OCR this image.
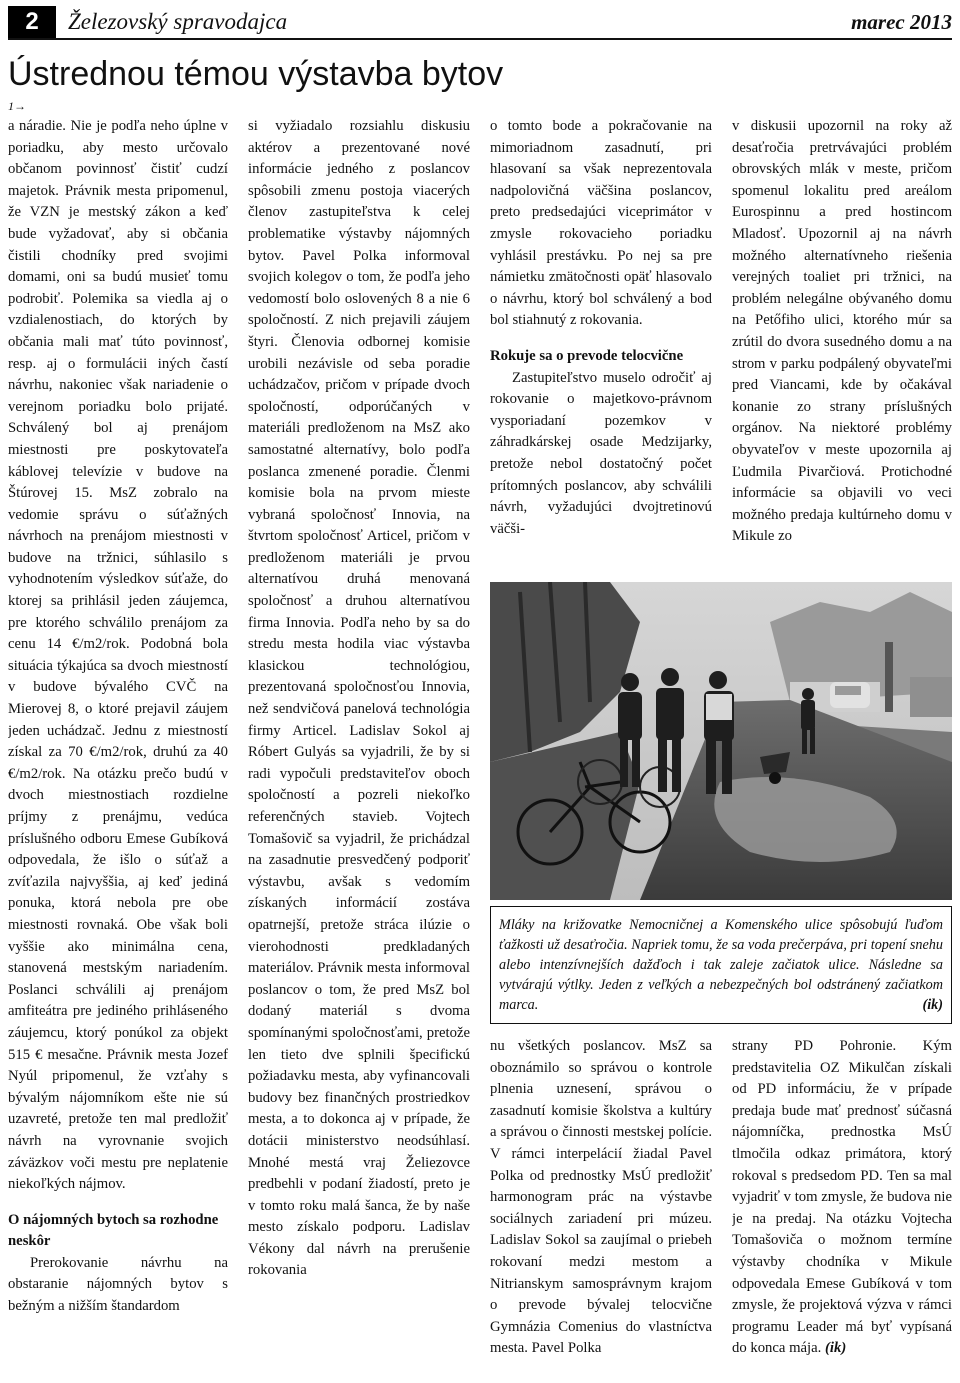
2	Železovský spravodajca	marec 2013
Ústrednou témou výstavba bytov
1→

a náradie. Nie je podľa neho úplne v poriadku, aby mesto určovalo občanom povinnosť čistiť cudzí majetok. Právnik mesta pripomenul, že VZN je mestský zákon a keď bude vyžadovať, aby si občania čistili chodníky pred svojimi domami, oni sa budú musieť tomu podrobiť. Polemika sa viedla aj o vzdialenostiach, do ktorých by občania mali mať túto povinnosť, resp. aj o formulácii iných častí návrhu, nakoniec však nariadenie o verejnom poriadku bolo prijaté. Schválený bol aj prenájom miestnosti pre poskytovateľa káblovej televízie v budove na Štúrovej 15. MsZ zobralo na vedomie správu o súťažných návrhoch na prenájom miestnosti v budove na tržnici, súhlasilo s vyhodnotením výsledkov súťaže, do ktorej sa prihlásil jeden záujemca, pre ktorého schválilo prenájom za cenu 14 €/m2/rok. Podobná bola situácia týkajúca sa dvoch miestností v budove bývalého CVČ na Mierovej 8, o ktoré prejavil záujem jeden uchádzač. Jednu z miestností získal za 70 €/m2/rok, druhú za 40 €/m2/rok. Na otázku prečo budú v dvoch miestnostiach rozdielne príjmy z prenájmu, vedúca príslušného odboru Emese Gubíková odpovedala, že išlo o súťaž a zvíťazila najvyššia, aj keď jediná ponuka, ktorá nebola pre obe miestnosti rovnaká. Obe však boli vyššie ako minimálna cena, stanovená mestským nariadením. Poslanci schválili aj prenájom amfiteátra pre jediného prihláseného záujemcu, ktorý ponúkol za objekt 515 € mesačne. Právnik mesta Jozef Nyúl pripomenul, že vzťahy s bývalým nájomníkom ešte nie sú uzavreté, pretože ten mal predložiť návrh na vyrovnanie svojich záväzkov voči mestu pre neplatenie niekoľkých nájmov.

O nájomných bytoch sa rozhodne neskôr

Prerokovanie návrhu na obstaranie nájomných bytov s bežným a nižším štandardom

si vyžiadalo rozsiahlu diskusiu aktérov a prezentované nové informácie jedného z poslancov spôsobili zmenu postoja viacerých členov zastupiteľstva k celej problematike výstavby nájomných bytov. Pavel Polka informoval svojich kolegov o tom, že podľa jeho vedomostí bolo oslovených 8 a nie 6 spoločností. Z nich prejavili záujem štyri. Členovia odbornej komisie urobili nezávisle od seba poradie uchádzačov, pričom v prípade dvoch spoločností, odporúčaných v materiáli predloženom na MsZ ako samostatné alternatívy, bolo podľa poslanca zmenené poradie. Členmi komisie bola na prvom mieste vybraná spoločnosť Innovia, na štvrtom spoločnosť Articel, pričom v predloženom materiáli je prvou alternatívou druhá menovaná spoločnosť a druhou alternatívou firma Innovia. Podľa neho by sa do stredu mesta hodila viac výstavba klasickou technológiou, prezentovaná spoločnosťou Innovia, než sendvičová panelová technológia firmy Articel. Ladislav Sokol aj Róbert Gulyás sa vyjadrili, že by si radi vypočuli predstaviteľov oboch spoločností a pozreli niekoľko referenčných stavieb. Vojtech Tomašovič sa vyjadril, že prichádzal na zasadnutie presvedčený podporiť výstavbu, avšak s vedomím získaných informácií zostáva opatrnejší, pretože stráca ilúzie o vierohodnosti predkladaných materiálov. Právnik mesta informoval poslancov o tom, že pred MsZ bol dodaný materiál s dvoma spomínanými spoločnosťami, pretože len tieto dve splnili špecifickú požiadavku mesta, aby vyfinancovali budovy bez finančných prostriedkov mesta, a to dokonca aj v prípade, že dotácii ministerstvo neodsúhlasí. Mnohé mestá vraj Želiezovce predbehli v podaní žiadostí, preto je v tomto roku malá šanca, že by naše mesto získalo podporu. Ladislav Vékony dal návrh na prerušenie rokovania

o tomto bode a pokračovanie na mimoriadnom zasadnutí, pri hlasovaní sa však neprezentovala nadpolovičná väčšina poslancov, preto predsedajúci viceprimátor v zmysle rokovacieho poriadku vyhlásil prestávku. Po nej sa pre námietku zmätočnosti opäť hlasovalo o návrhu, ktorý bol schválený a bod bol stiahnutý z rokovania.

Rokuje sa o prevode telocvične

Zastupiteľstvo muselo odročiť aj rokovanie o majetkovo-právnom vysporiadaní pozemkov v záhradkárskej osade Medzijarky, pretože nebol dostatočný počet prítomných poslancov, aby schválili návrh, vyžadujúci dvojtretinovú väčši-

v diskusii upozornil na roky až desaťročia pretrvávajúci problém obrovských mlák v meste, pričom spomenul lokalitu pred areálom Eurospinnu a pred hostincom Mladosť. Upozornil aj na návrh možného alternatívneho riešenia verejných toaliet pri tržnici, na problém nelegálne obývaného domu na Petőfiho ulici, ktorého múr sa zrútil do dvora susedného domu a na strom v parku podpálený obyvateľmi pred Viancami, kde by očakával konanie zo strany príslušných orgánov. Na niektoré problémy obyvateľov v meste upozornila aj Ľudmila Pivarčiová. Protichodné informácie sa objavili vo veci možného predaja kultúrneho domu v Mikule zo

Mláky na križovatke Nemocničnej a Komenského ulice spôsobujú ľuďom ťažkosti už desaťročia. Napriek tomu, že sa voda prečerpáva, pri topení snehu alebo intenzívnejších dažďoch i tak zaleje začiatok ulice. Následne sa vytvárajú výtlky. Jeden z veľkých a nebezpečných bol odstránený začiatkom marca.	(ik)

nu všetkých poslancov. MsZ sa oboznámilo so správou o kontrole plnenia uznesení, správou o zasadnutí komisie školstva a kultúry a správou o činnosti mestskej polície. V rámci interpelácií žiadal Pavel Polka od prednostky MsÚ predložiť harmonogram prác na výstavbe sociálnych zariadení pri múzeu. Ladislav Sokol sa zaujímal o priebeh rokovaní medzi mestom a Nitrianskym samosprávnym krajom o prevode bývalej telocvične Gymnázia Comenius do vlastníctva mesta. Pavel Polka

strany PD Pohronie. Kým predstavitelia OZ Mikulčan získali od PD informáciu, že v prípade predaja bude mať prednosť súčasná nájomníčka, prednostka MsÚ tlmočila odkaz primátora, ktorý rokoval s predsedom PD. Ten sa mal vyjadriť v tom zmysle, že budova nie je na predaj. Na otázku Vojtecha Tomašoviča o možnom termíne výstavby chodníka v Mikule odpovedala Emese Gubíková v tom zmysle, že projektová výzva v rámci programu Leader má byť vypísaná do konca mája. (ik)
